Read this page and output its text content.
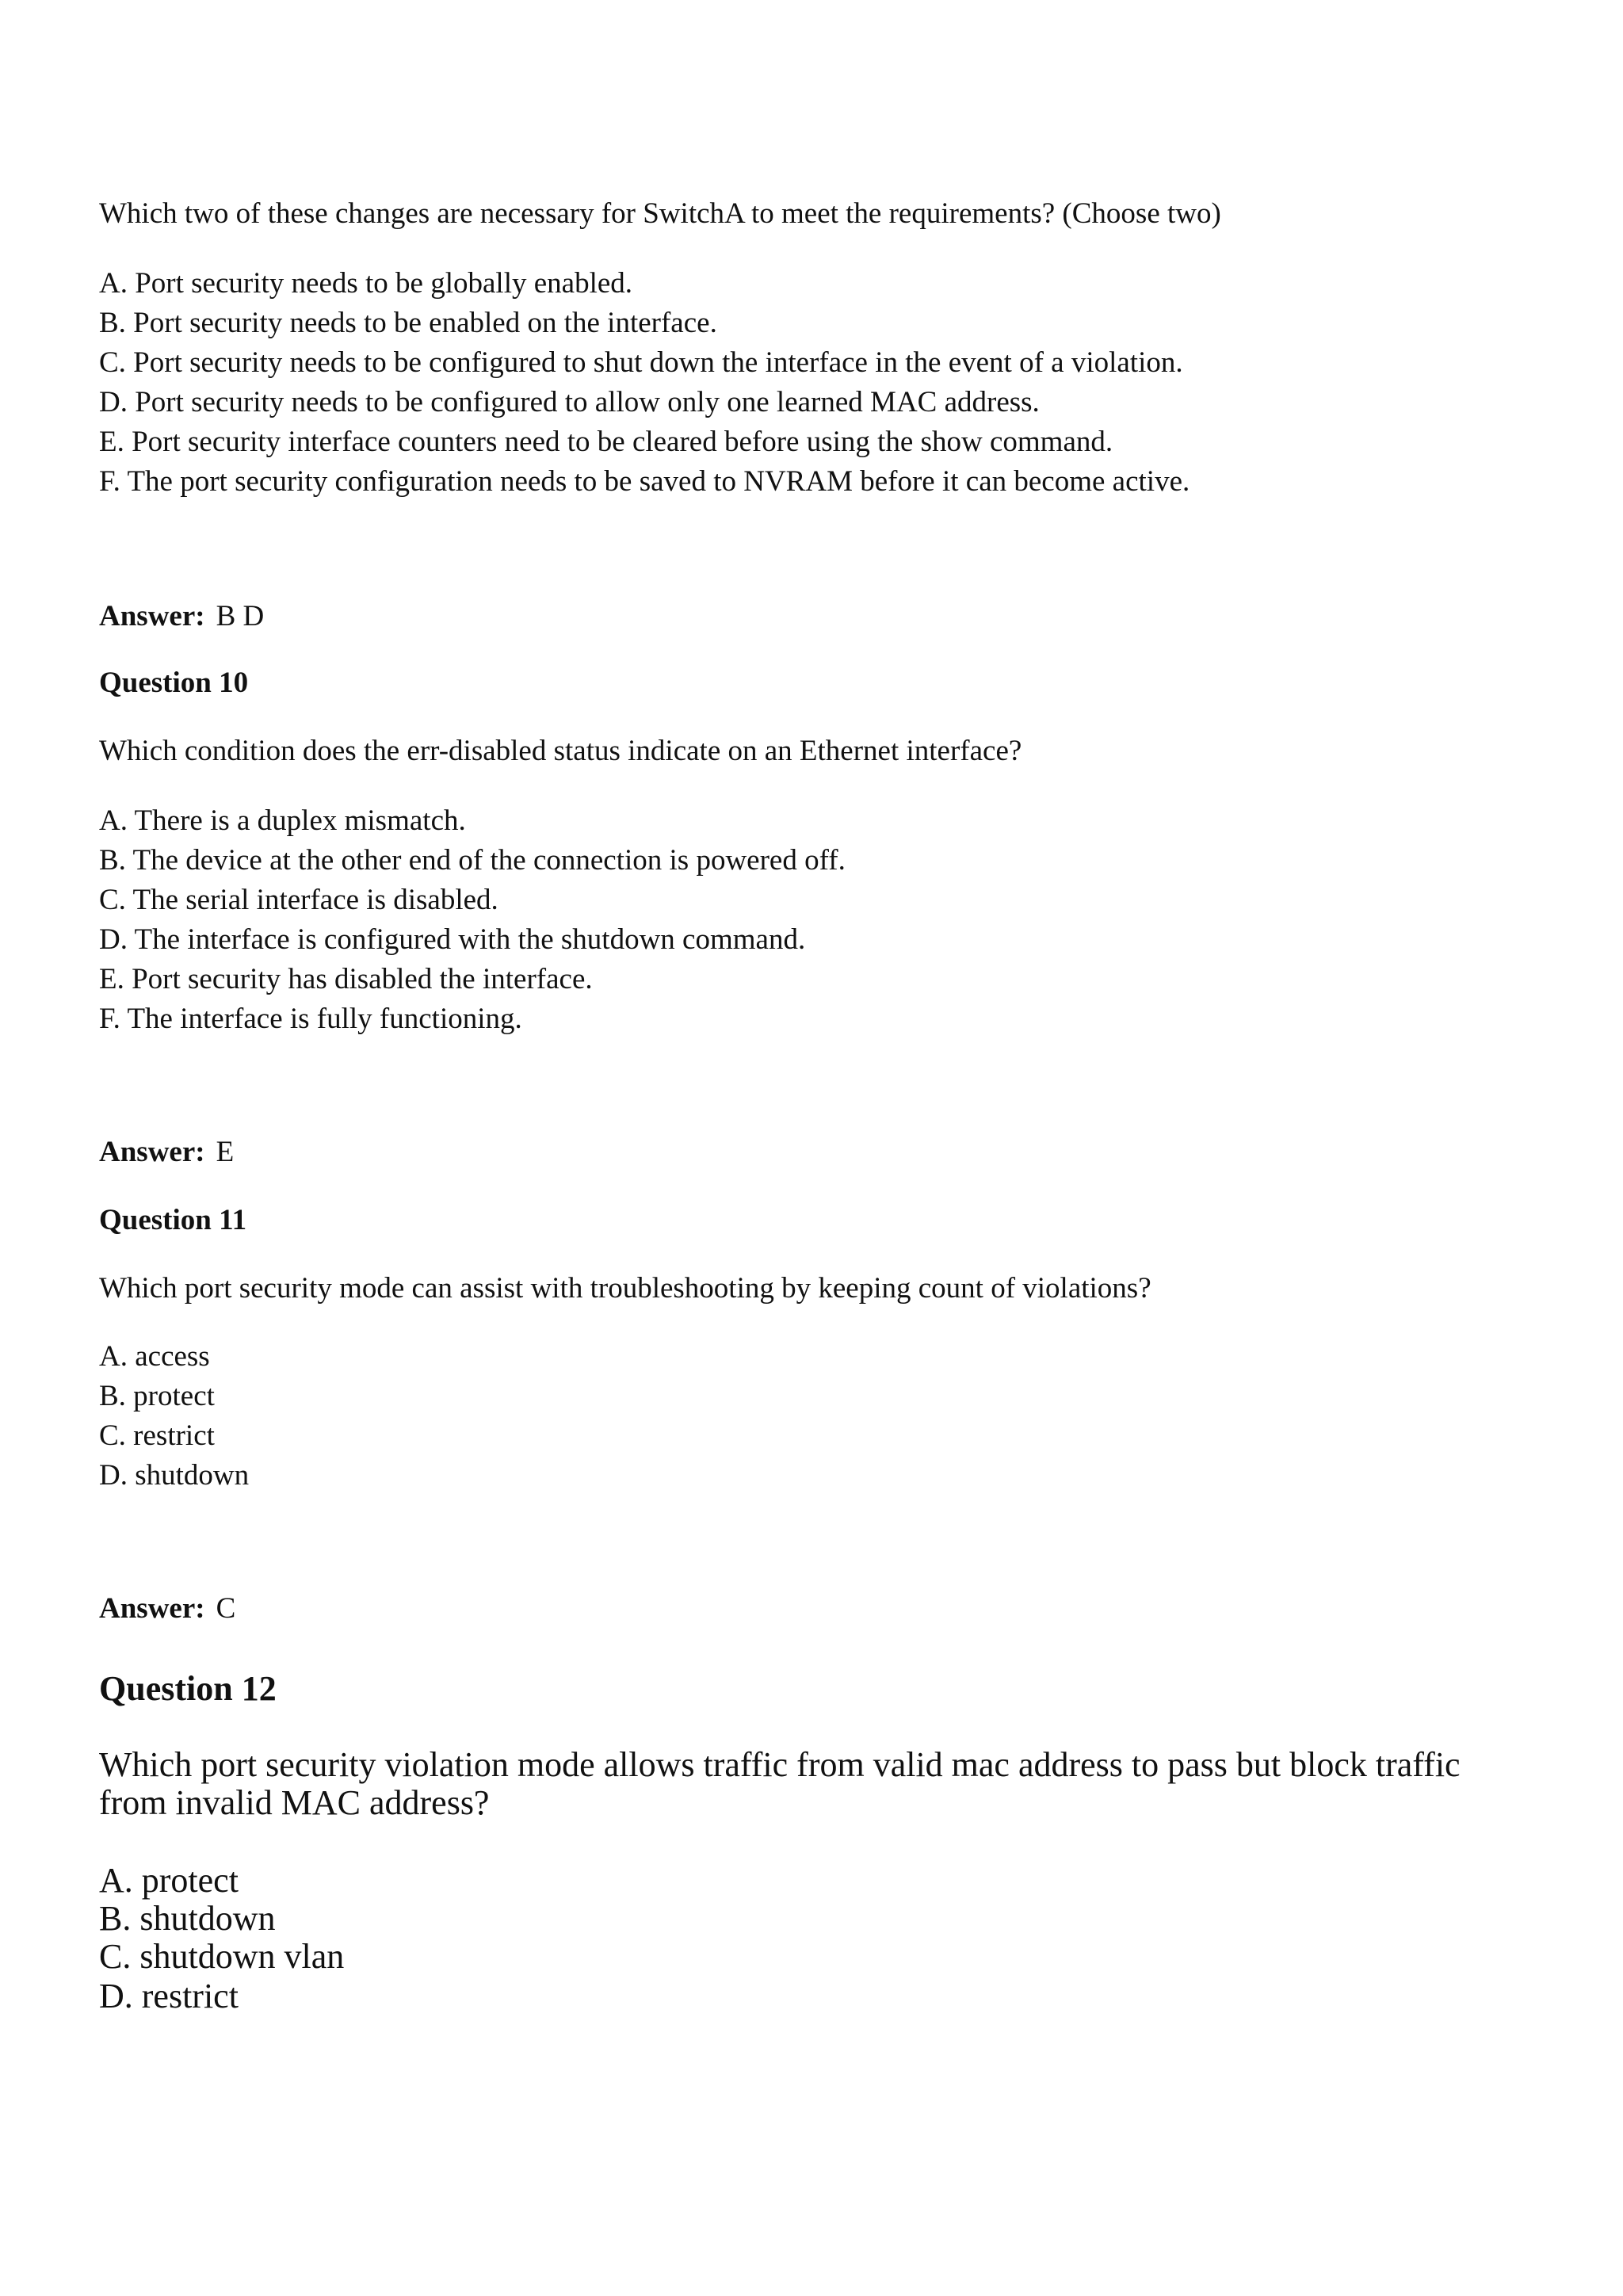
Which two of these changes are necessary for SwitchA to meet the requirements? (Choose two)
A. Port security needs to be globally enabled.
B. Port security needs to be enabled on the interface.
C. Port security needs to be configured to shut down the interface in the event of a violation.
D. Port security needs to be configured to allow only one learned MAC address.
E. Port security interface counters need to be cleared before using the show command.
F. The port security configuration needs to be saved to NVRAM before it can become active.
Answer: B D
Question 10
Which condition does the err-disabled status indicate on an Ethernet interface?
A. There is a duplex mismatch.
B. The device at the other end of the connection is powered off.
C. The serial interface is disabled.
D. The interface is configured with the shutdown command.
E. Port security has disabled the interface.
F. The interface is fully functioning.
Answer: E
Question 11
Which port security mode can assist with troubleshooting by keeping count of violations?
A. access
B. protect
C. restrict
D. shutdown
Answer: C
Question 12
Which port security violation mode allows traffic from valid mac address to pass but block traffic
from invalid MAC address?
A. protect
B. shutdown
C. shutdown vlan
D. restrict
